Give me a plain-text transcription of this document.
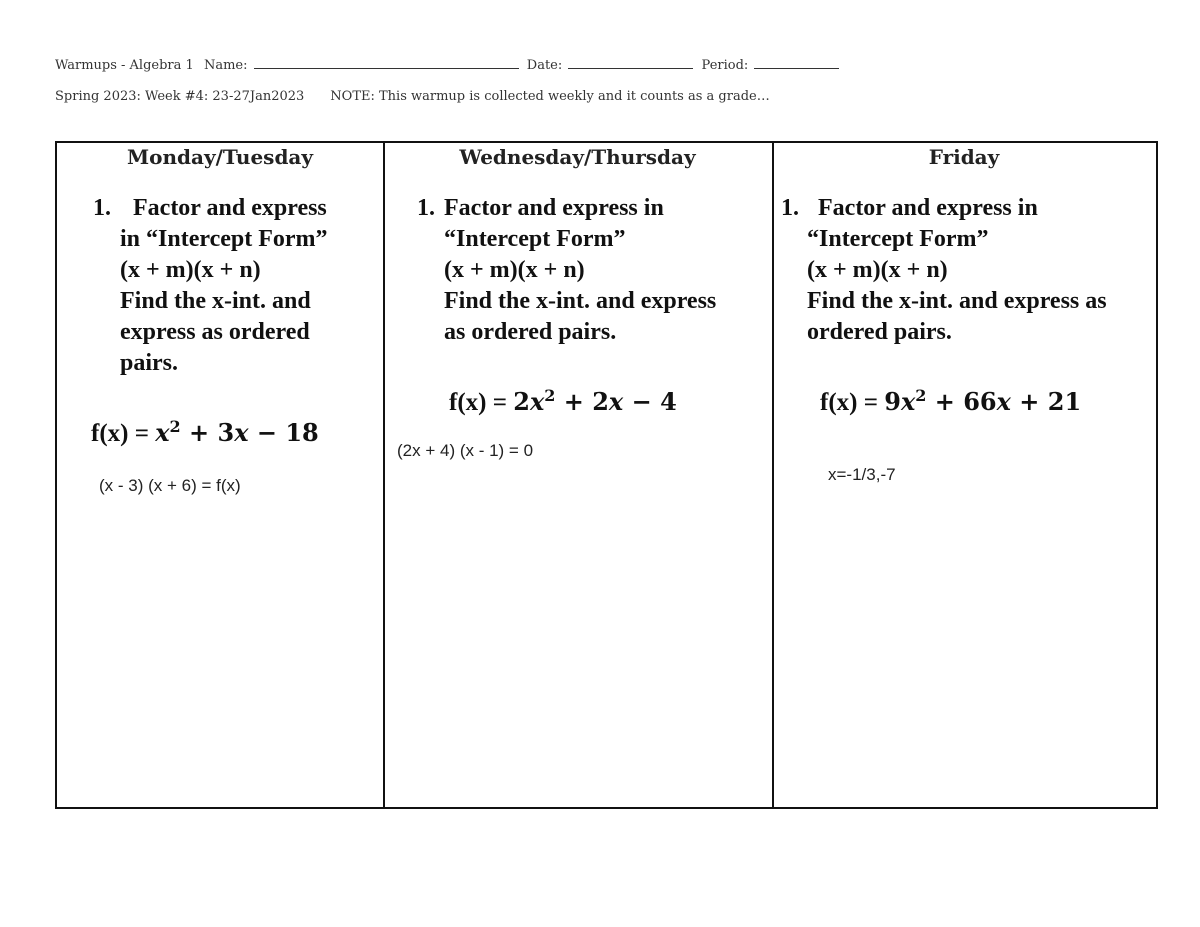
Warmups - Algebra 1 Name:	Date:	Period:
Spring 2023: Week #4: 23-27Jan2023 NOTE: This warmup is collected weekly and it counts as a grade…
Monday/Tuesday
1. Factor and express
in “Intercept Form”
(x + m)(x + n)
Find the x-int. and
express as ordered
pairs.
$f(x) = x^2 + 3x - 18$
(x - 3) (x + 6) = f(x)
Wednesday/Thursday
1. Factor and express in
“Intercept Form”
(x + m)(x + n)
Find the x-int. and express
as ordered pairs.
$f(x) = 2x^2 + 2x - 4$
(2x + 4) (x - 1) = 0
Friday
1. Factor and express in
“Intercept Form”
(x + m)(x + n)
Find the x-int. and express as
ordered pairs.
$f(x) = 9x^2 + 66x + 21$
x=-1/3,-7
